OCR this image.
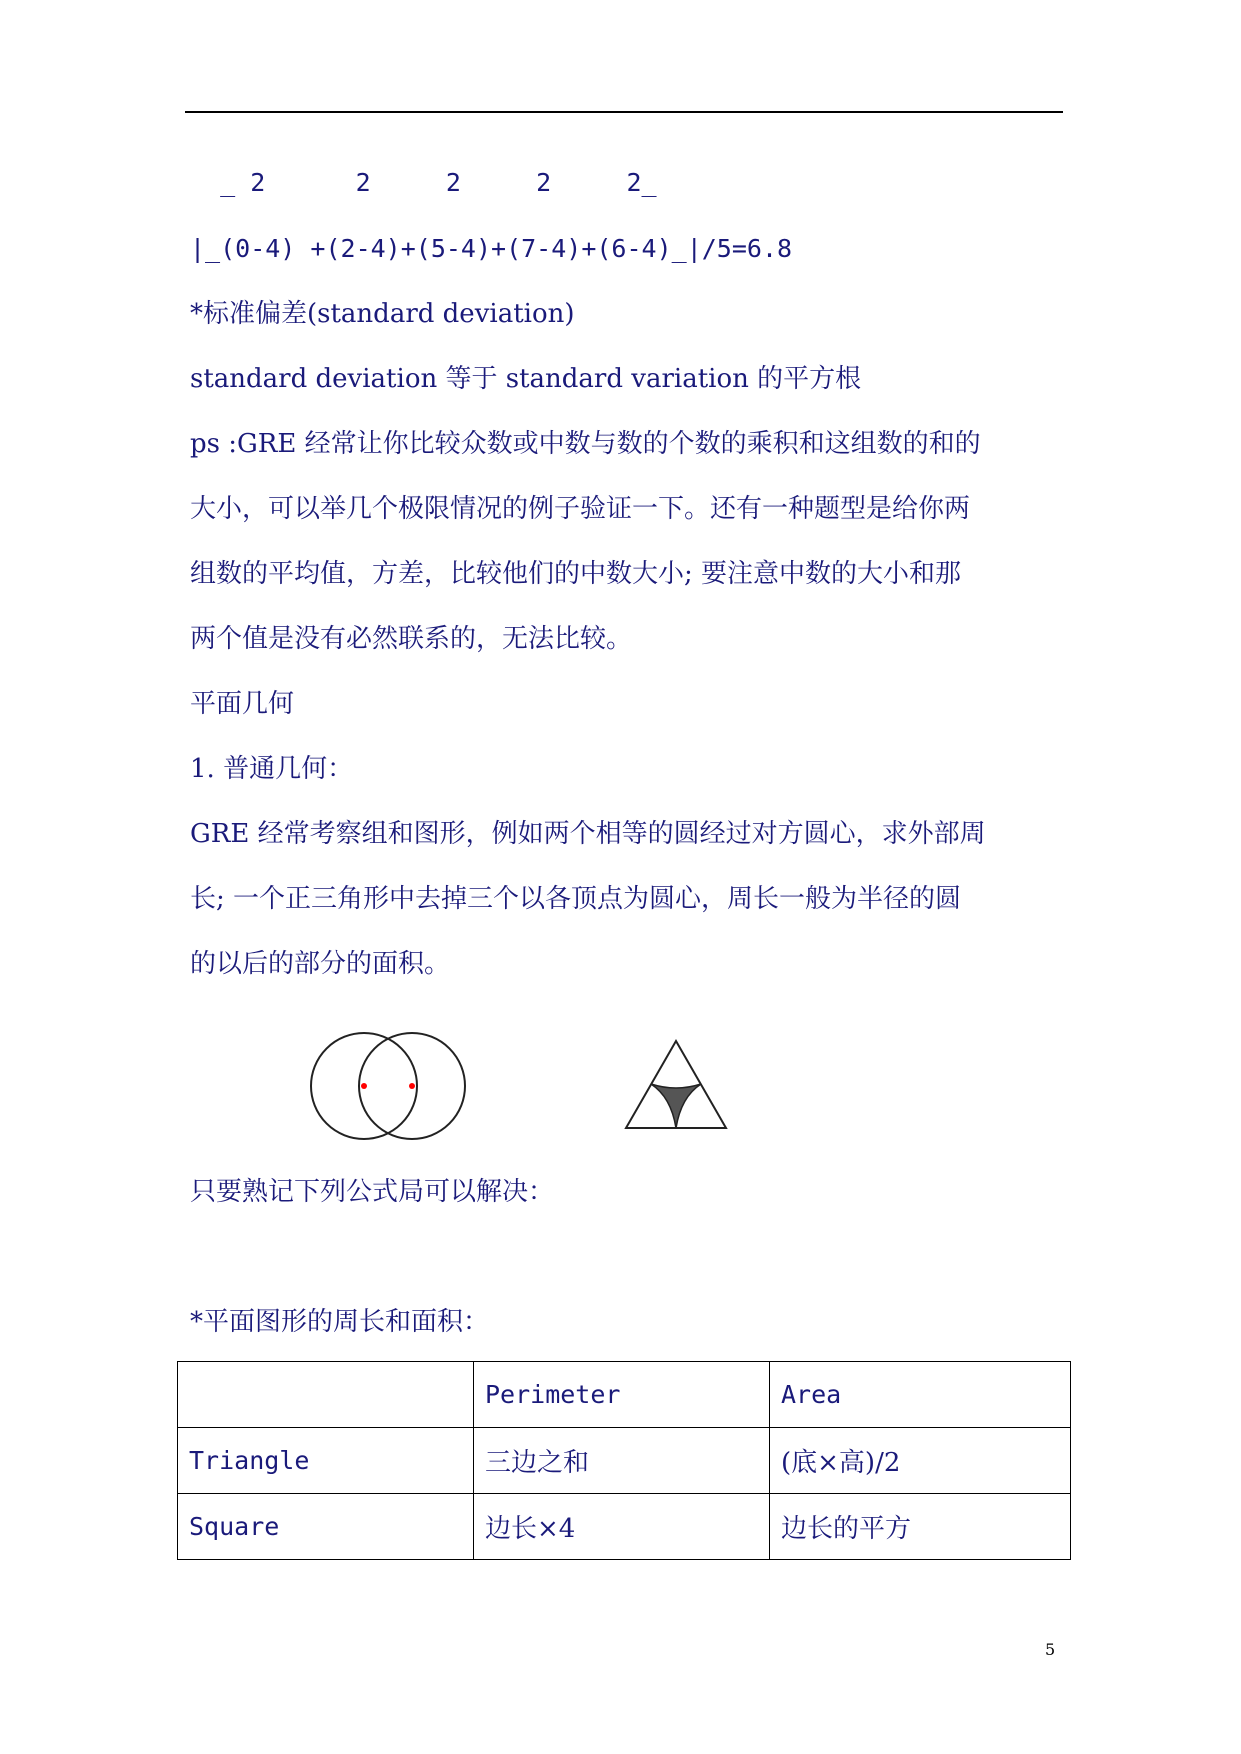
_ 2      2     2     2     2_

|_(0-4) +(2-4)+(5-4)+(7-4)+(6-4)_|/5=6.8

*标准偏差(standard deviation)

standard deviation 等于 standard variation 的平方根

ps :GRE 经常让你比较众数或中数与数的个数的乘积和这组数的和的

大小，可以举几个极限情况的例子验证一下。还有一种题型是给你两

组数的平均值，方差，比较他们的中数大小; 要注意中数的大小和那

两个值是没有必然联系的，无法比较。

平面几何

1. 普通几何：

GRE 经常考察组和图形，例如两个相等的圆经过对方圆心，求外部周

长; 一个正三角形中去掉三个以各顶点为圆心，周长一般为半径的圆

的以后的部分的面积。

只要熟记下列公式局可以解决：

*平面图形的周长和面积：

	Perimeter	Area
Triangle	三边之和	(底×高)/2
Square	边长×4	边长的平方
5
